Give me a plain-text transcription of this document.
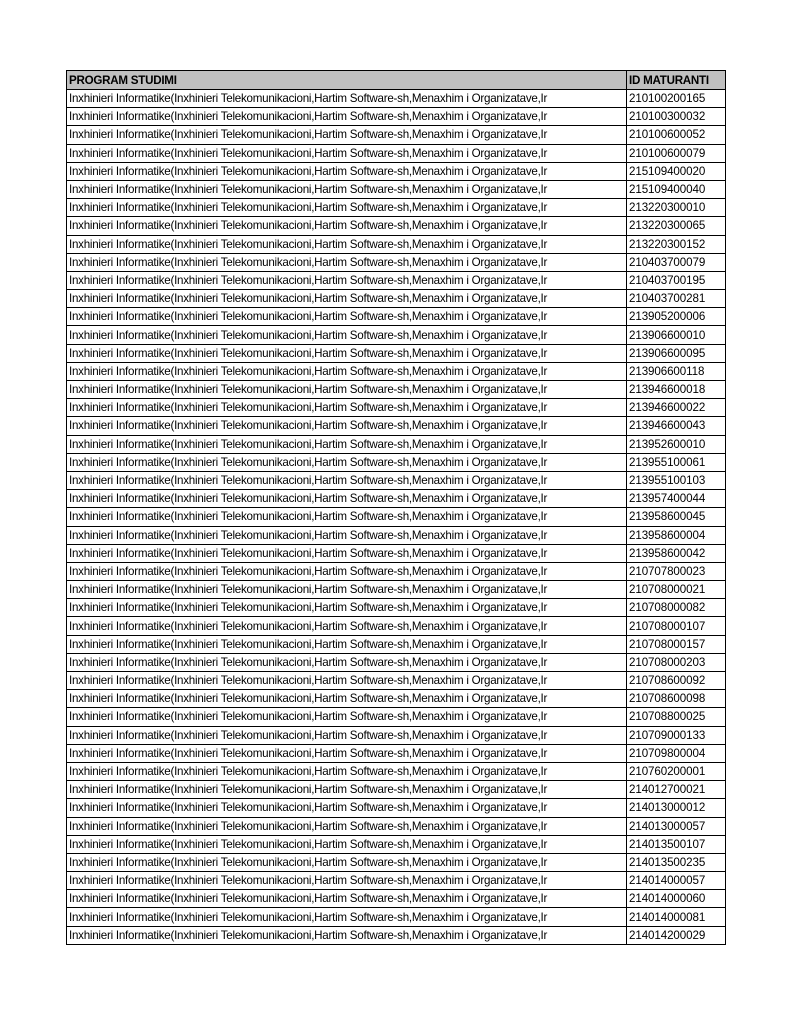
PROGRAM STUDIMI	ID MATURANTI
Inxhinieri Informatike(Inxhinieri Telekomunikacioni,Hartim Software-sh,Menaxhim i Organizatave,Ir	210100200165
Inxhinieri Informatike(Inxhinieri Telekomunikacioni,Hartim Software-sh,Menaxhim i Organizatave,Ir	210100300032
Inxhinieri Informatike(Inxhinieri Telekomunikacioni,Hartim Software-sh,Menaxhim i Organizatave,Ir	210100600052
Inxhinieri Informatike(Inxhinieri Telekomunikacioni,Hartim Software-sh,Menaxhim i Organizatave,Ir	210100600079
Inxhinieri Informatike(Inxhinieri Telekomunikacioni,Hartim Software-sh,Menaxhim i Organizatave,Ir	215109400020
Inxhinieri Informatike(Inxhinieri Telekomunikacioni,Hartim Software-sh,Menaxhim i Organizatave,Ir	215109400040
Inxhinieri Informatike(Inxhinieri Telekomunikacioni,Hartim Software-sh,Menaxhim i Organizatave,Ir	213220300010
Inxhinieri Informatike(Inxhinieri Telekomunikacioni,Hartim Software-sh,Menaxhim i Organizatave,Ir	213220300065
Inxhinieri Informatike(Inxhinieri Telekomunikacioni,Hartim Software-sh,Menaxhim i Organizatave,Ir	213220300152
Inxhinieri Informatike(Inxhinieri Telekomunikacioni,Hartim Software-sh,Menaxhim i Organizatave,Ir	210403700079
Inxhinieri Informatike(Inxhinieri Telekomunikacioni,Hartim Software-sh,Menaxhim i Organizatave,Ir	210403700195
Inxhinieri Informatike(Inxhinieri Telekomunikacioni,Hartim Software-sh,Menaxhim i Organizatave,Ir	210403700281
Inxhinieri Informatike(Inxhinieri Telekomunikacioni,Hartim Software-sh,Menaxhim i Organizatave,Ir	213905200006
Inxhinieri Informatike(Inxhinieri Telekomunikacioni,Hartim Software-sh,Menaxhim i Organizatave,Ir	213906600010
Inxhinieri Informatike(Inxhinieri Telekomunikacioni,Hartim Software-sh,Menaxhim i Organizatave,Ir	213906600095
Inxhinieri Informatike(Inxhinieri Telekomunikacioni,Hartim Software-sh,Menaxhim i Organizatave,Ir	213906600118
Inxhinieri Informatike(Inxhinieri Telekomunikacioni,Hartim Software-sh,Menaxhim i Organizatave,Ir	213946600018
Inxhinieri Informatike(Inxhinieri Telekomunikacioni,Hartim Software-sh,Menaxhim i Organizatave,Ir	213946600022
Inxhinieri Informatike(Inxhinieri Telekomunikacioni,Hartim Software-sh,Menaxhim i Organizatave,Ir	213946600043
Inxhinieri Informatike(Inxhinieri Telekomunikacioni,Hartim Software-sh,Menaxhim i Organizatave,Ir	213952600010
Inxhinieri Informatike(Inxhinieri Telekomunikacioni,Hartim Software-sh,Menaxhim i Organizatave,Ir	213955100061
Inxhinieri Informatike(Inxhinieri Telekomunikacioni,Hartim Software-sh,Menaxhim i Organizatave,Ir	213955100103
Inxhinieri Informatike(Inxhinieri Telekomunikacioni,Hartim Software-sh,Menaxhim i Organizatave,Ir	213957400044
Inxhinieri Informatike(Inxhinieri Telekomunikacioni,Hartim Software-sh,Menaxhim i Organizatave,Ir	213958600045
Inxhinieri Informatike(Inxhinieri Telekomunikacioni,Hartim Software-sh,Menaxhim i Organizatave,Ir	213958600004
Inxhinieri Informatike(Inxhinieri Telekomunikacioni,Hartim Software-sh,Menaxhim i Organizatave,Ir	213958600042
Inxhinieri Informatike(Inxhinieri Telekomunikacioni,Hartim Software-sh,Menaxhim i Organizatave,Ir	210707800023
Inxhinieri Informatike(Inxhinieri Telekomunikacioni,Hartim Software-sh,Menaxhim i Organizatave,Ir	210708000021
Inxhinieri Informatike(Inxhinieri Telekomunikacioni,Hartim Software-sh,Menaxhim i Organizatave,Ir	210708000082
Inxhinieri Informatike(Inxhinieri Telekomunikacioni,Hartim Software-sh,Menaxhim i Organizatave,Ir	210708000107
Inxhinieri Informatike(Inxhinieri Telekomunikacioni,Hartim Software-sh,Menaxhim i Organizatave,Ir	210708000157
Inxhinieri Informatike(Inxhinieri Telekomunikacioni,Hartim Software-sh,Menaxhim i Organizatave,Ir	210708000203
Inxhinieri Informatike(Inxhinieri Telekomunikacioni,Hartim Software-sh,Menaxhim i Organizatave,Ir	210708600092
Inxhinieri Informatike(Inxhinieri Telekomunikacioni,Hartim Software-sh,Menaxhim i Organizatave,Ir	210708600098
Inxhinieri Informatike(Inxhinieri Telekomunikacioni,Hartim Software-sh,Menaxhim i Organizatave,Ir	210708800025
Inxhinieri Informatike(Inxhinieri Telekomunikacioni,Hartim Software-sh,Menaxhim i Organizatave,Ir	210709000133
Inxhinieri Informatike(Inxhinieri Telekomunikacioni,Hartim Software-sh,Menaxhim i Organizatave,Ir	210709800004
Inxhinieri Informatike(Inxhinieri Telekomunikacioni,Hartim Software-sh,Menaxhim i Organizatave,Ir	210760200001
Inxhinieri Informatike(Inxhinieri Telekomunikacioni,Hartim Software-sh,Menaxhim i Organizatave,Ir	214012700021
Inxhinieri Informatike(Inxhinieri Telekomunikacioni,Hartim Software-sh,Menaxhim i Organizatave,Ir	214013000012
Inxhinieri Informatike(Inxhinieri Telekomunikacioni,Hartim Software-sh,Menaxhim i Organizatave,Ir	214013000057
Inxhinieri Informatike(Inxhinieri Telekomunikacioni,Hartim Software-sh,Menaxhim i Organizatave,Ir	214013500107
Inxhinieri Informatike(Inxhinieri Telekomunikacioni,Hartim Software-sh,Menaxhim i Organizatave,Ir	214013500235
Inxhinieri Informatike(Inxhinieri Telekomunikacioni,Hartim Software-sh,Menaxhim i Organizatave,Ir	214014000057
Inxhinieri Informatike(Inxhinieri Telekomunikacioni,Hartim Software-sh,Menaxhim i Organizatave,Ir	214014000060
Inxhinieri Informatike(Inxhinieri Telekomunikacioni,Hartim Software-sh,Menaxhim i Organizatave,Ir	214014000081
Inxhinieri Informatike(Inxhinieri Telekomunikacioni,Hartim Software-sh,Menaxhim i Organizatave,Ir	214014200029
